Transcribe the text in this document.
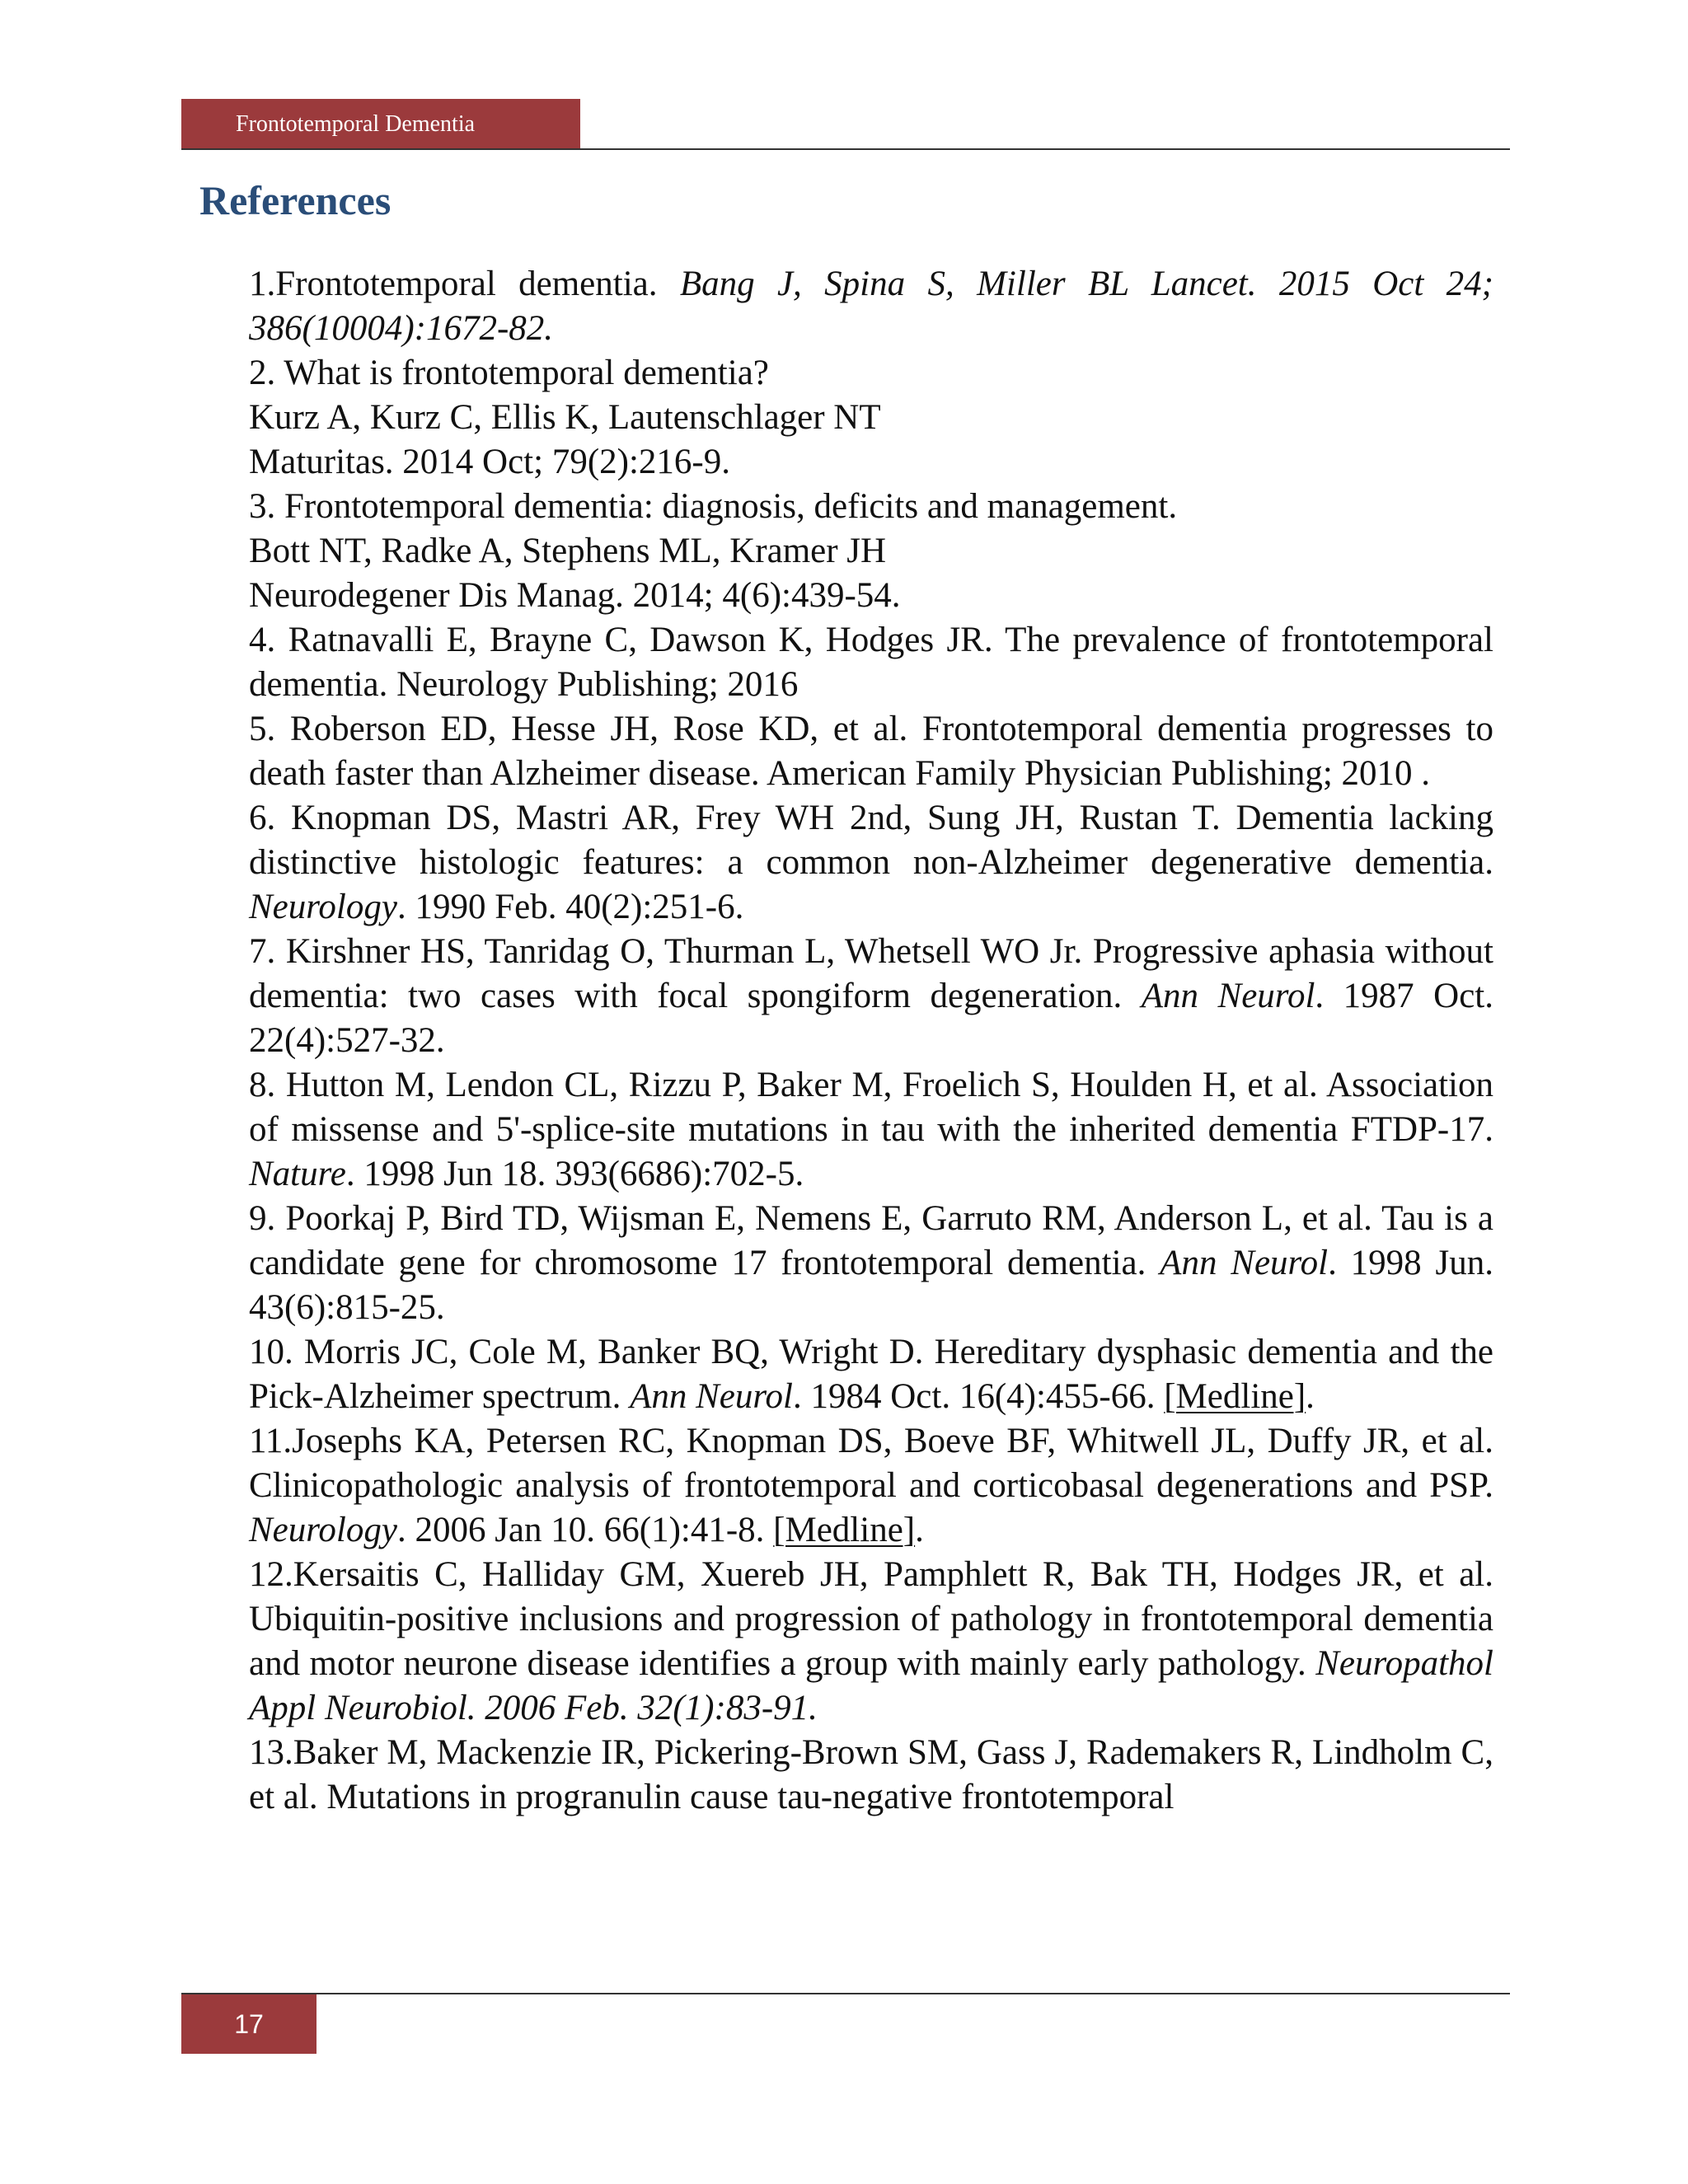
Frontotemporal Dementia
References

1.Frontotemporal dementia. Bang J, Spina S, Miller BL Lancet. 2015 Oct 24; 386(10004):1672-82.

2. What is frontotemporal dementia?

Kurz A, Kurz C, Ellis K, Lautenschlager NT

Maturitas. 2014 Oct; 79(2):216-9.

3. Frontotemporal dementia: diagnosis, deficits and management.

Bott NT, Radke A, Stephens ML, Kramer JH

Neurodegener Dis Manag. 2014; 4(6):439-54.

4. Ratnavalli E, Brayne C, Dawson K, Hodges JR. The prevalence of frontotemporal dementia. Neurology Publishing; 2016

5. Roberson ED, Hesse JH, Rose KD, et al. Frontotemporal dementia progresses to death faster than Alzheimer disease. American Family Physician Publishing; 2010 .

6. Knopman DS, Mastri AR, Frey WH 2nd, Sung JH, Rustan T. Dementia lacking distinctive histologic features: a common non-Alzheimer degenerative dementia. Neurology. 1990 Feb. 40(2):251-6.

7. Kirshner HS, Tanridag O, Thurman L, Whetsell WO Jr. Progressive aphasia without dementia: two cases with focal spongiform degeneration. Ann Neurol. 1987 Oct. 22(4):527-32.

8. Hutton M, Lendon CL, Rizzu P, Baker M, Froelich S, Houlden H, et al. Association of missense and 5'-splice-site mutations in tau with the inherited dementia FTDP-17. Nature. 1998 Jun 18. 393(6686):702-5.

9. Poorkaj P, Bird TD, Wijsman E, Nemens E, Garruto RM, Anderson L, et al. Tau is a candidate gene for chromosome 17 frontotemporal dementia. Ann Neurol. 1998 Jun. 43(6):815-25.

10. Morris JC, Cole M, Banker BQ, Wright D. Hereditary dysphasic dementia and the Pick-Alzheimer spectrum. Ann Neurol. 1984 Oct. 16(4):455-66. [Medline].

11.Josephs KA, Petersen RC, Knopman DS, Boeve BF, Whitwell JL, Duffy JR, et al. Clinicopathologic analysis of frontotemporal and corticobasal degenerations and PSP. Neurology. 2006 Jan 10. 66(1):41-8. [Medline].

12.Kersaitis C, Halliday GM, Xuereb JH, Pamphlett R, Bak TH, Hodges JR, et al. Ubiquitin-positive inclusions and progression of pathology in frontotemporal dementia and motor neurone disease identifies a group with mainly early pathology. Neuropathol Appl Neurobiol. 2006 Feb. 32(1):83-91.

13.Baker M, Mackenzie IR, Pickering-Brown SM, Gass J, Rademakers R, Lindholm C, et al. Mutations in progranulin cause tau-negative frontotemporal

17
